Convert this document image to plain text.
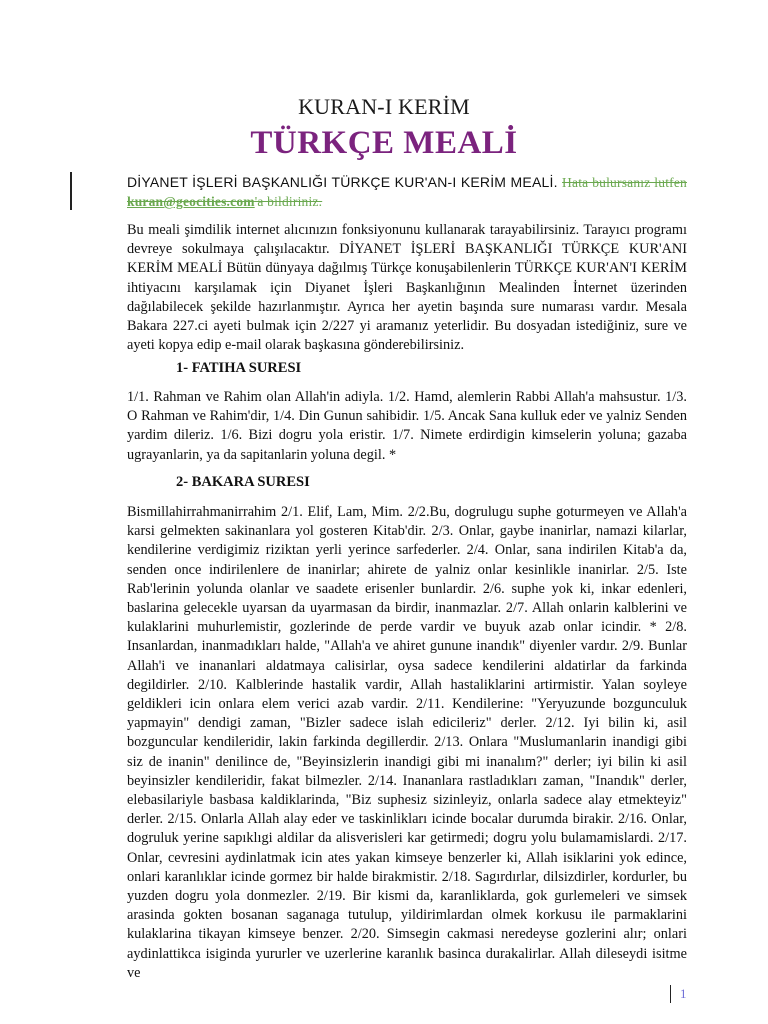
KURAN-I KERİM
TÜRKÇE MEALİ

DİYANET İŞLERİ BAŞKANLIĞI TÜRKÇE KUR'AN-I KERİM MEALİ. Hata bulursanız lutfen kuran@geocities.com'a bildiriniz.

Bu meali şimdilik internet alıcınızın fonksiyonunu kullanarak tarayabilirsiniz. Tarayıcı programı devreye sokulmaya çalışılacaktır. DİYANET İŞLERİ BAŞKANLIĞI TÜRKÇE KUR'ANI KERİM MEALİ Bütün dünyaya dağılmış Türkçe konuşabilenlerin TÜRKÇE KUR'AN'I KERİM ihtiyacını karşılamak için Diyanet İşleri Başkanlığının Mealinden İnternet üzerinden dağılabilecek şekilde hazırlanmıştır. Ayrıca her ayetin başında sure numarası vardır. Mesala Bakara 227.ci ayeti bulmak için 2/227 yi aramanız yeterlidir. Bu dosyadan istediğiniz, sure ve ayeti kopya edip e-mail olarak başkasına gönderebilirsiniz.

1- FATIHA SURESI

1/1. Rahman ve Rahim olan Allah'in adiyla. 1/2. Hamd, alemlerin Rabbi Allah'a mahsustur. 1/3. O Rahman ve Rahim'dir, 1/4. Din Gunun sahibidir. 1/5. Ancak Sana kulluk eder ve yalniz Senden yardim dileriz. 1/6. Bizi dogru yola eristir. 1/7. Nimete erdirdigin kimselerin yoluna; gazaba ugrayanlarin, ya da sapitanlarin yoluna degil. *

2- BAKARA SURESI

Bismillahirrahmanirrahim 2/1. Elif, Lam, Mim. 2/2.Bu, dogrulugu suphe goturmeyen ve Allah'a karsi gelmekten sakinanlara yol gosteren Kitab'dir. 2/3. Onlar, gaybe inanirlar, namazi kilarlar, kendilerine verdigimiz riziktan yerli yerince sarfederler. 2/4. Onlar, sana indirilen Kitab'a da, senden once indirilenlere de inanirlar; ahirete de yalniz onlar kesinlikle inanirlar. 2/5. Iste Rab'lerinin yolunda olanlar ve saadete erisenler bunlardir. 2/6. suphe yok ki, inkar edenleri, baslarina gelecekle uyarsan da uyarmasan da birdir, inanmazlar. 2/7. Allah onlarin kalblerini ve kulaklarini muhurlemistir, gozlerinde de perde vardir ve buyuk azab onlar icindir. * 2/8. Insanlardan, inanmadıkları halde, "Allah'a ve ahiret gunune inandık" diyenler vardır. 2/9. Bunlar Allah'i ve inananlari aldatmaya calisirlar, oysa sadece kendilerini aldatirlar da farkinda degildirler. 2/10. Kalblerinde hastalik vardir, Allah hastaliklarini artirmistir. Yalan soyleye geldikleri icin onlara elem verici azab vardir. 2/11. Kendilerine: "Yeryuzunde bozgunculuk yapmayin" dendigi zaman, "Bizler sadece islah edicileriz" derler. 2/12. Iyi bilin ki, asil bozguncular kendileridir, lakin farkinda degillerdir. 2/13. Onlara "Muslumanlarin inandigi gibi siz de inanin" denilince de, "Beyinsizlerin inandigi gibi mi inanalım?" derler; iyi bilin ki asil beyinsizler kendileridir, fakat bilmezler. 2/14. Inananlara rastladıkları zaman, "Inandık" derler, elebasilariyle basbasa kaldiklarinda, "Biz suphesiz sizinleyiz, onlarla sadece alay etmekteyiz" derler. 2/15. Onlarla Allah alay eder ve taskinlikları icinde bocalar durumda birakir. 2/16. Onlar, dogruluk yerine sapıklıgi aldilar da alisverisleri kar getirmedi; dogru yolu bulamamislardi. 2/17. Onlar, cevresini aydinlatmak icin ates yakan kimseye benzerler ki, Allah isiklarini yok edince, onlari karanlıklar icinde gormez bir halde birakmistir. 2/18. Sagırdırlar, dilsizdirler, kordurler, bu yuzden dogru yola donmezler. 2/19. Bir kismi da, karanliklarda, gok gurlemeleri ve simsek arasinda gokten bosanan saganaga tutulup, yildirimlardan olmek korkusu ile parmaklarini kulaklarina tikayan kimseye benzer. 2/20. Simsegin cakmasi neredeyse gozlerini alır; onlari aydinlattikca isiginda yururler ve uzerlerine karanlık basinca durakalirlar. Allah dileseydi isitme ve

1
